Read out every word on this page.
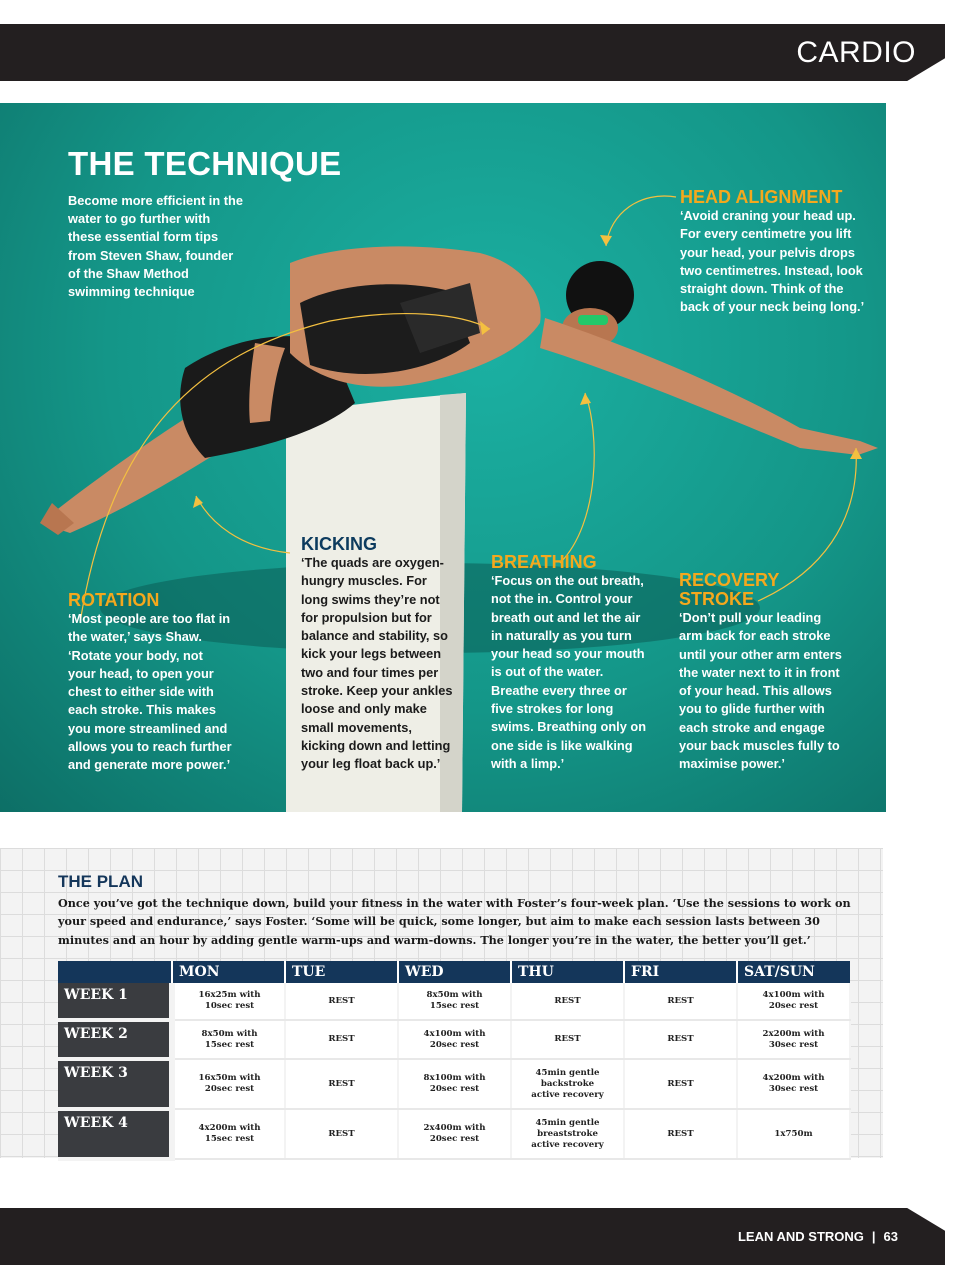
CARDIO
THE TECHNIQUE

Become more efficient in the water to go further with these essential form tips from Steven Shaw, founder of the Shaw Method swimming technique

HEAD ALIGNMENT

‘Avoid craning your head up. For every centimetre you lift your head, your pelvis drops two centimetres. Instead, look straight down. Think of the back of your neck being long.’

KICKING

‘The quads are oxygen-hungry muscles. For long swims they’re not for propulsion but for balance and stability, so kick your legs between two and four times per stroke. Keep your ankles loose and only make small movements, kicking down and letting your leg float back up.’

BREATHING

‘Focus on the out breath, not the in. Control your breath out and let the air in naturally as you turn your head so your mouth is out of the water. Breathe every three or five strokes for long swims. Breathing only on one side is like walking with a limp.’

ROTATION

‘Most people are too flat in the water,’ says Shaw. ‘Rotate your body, not your head, to open your chest to either side with each stroke. This makes you more streamlined and allows you to reach further and generate more power.’

RECOVERY
STROKE

‘Don’t pull your leading arm back for each stroke until your other arm enters the water next to it in front of your head. This allows you to glide further with each stroke and engage your back muscles fully to maximise power.’

THE PLAN

Once you’ve got the technique down, build your fitness in the water with Foster’s four-week plan. ‘Use the sessions to work on your speed and endurance,’ says Foster. ‘Some will be quick, some longer, but aim to make each session lasts between 30 minutes and an hour by adding gentle warm-ups and warm-downs. The longer you’re in the water, the better you’ll get.’

	MON	TUE	WED	THU	FRI	SAT/SUN
WEEK 1	16x25m with
10sec rest	REST	8x50m with
15sec rest	REST	REST	4x100m with
20sec rest
WEEK 2	8x50m with
15sec rest	REST	4x100m with
20sec rest	REST	REST	2x200m with
30sec rest
WEEK 3	16x50m with
20sec rest	REST	8x100m with
20sec rest	45min gentle
backstroke
active recovery	REST	4x200m with
30sec rest
WEEK 4	4x200m with
15sec rest	REST	2x400m with
20sec rest	45min gentle
breaststroke
active recovery	REST	1x750m
LEAN AND STRONG | 63
